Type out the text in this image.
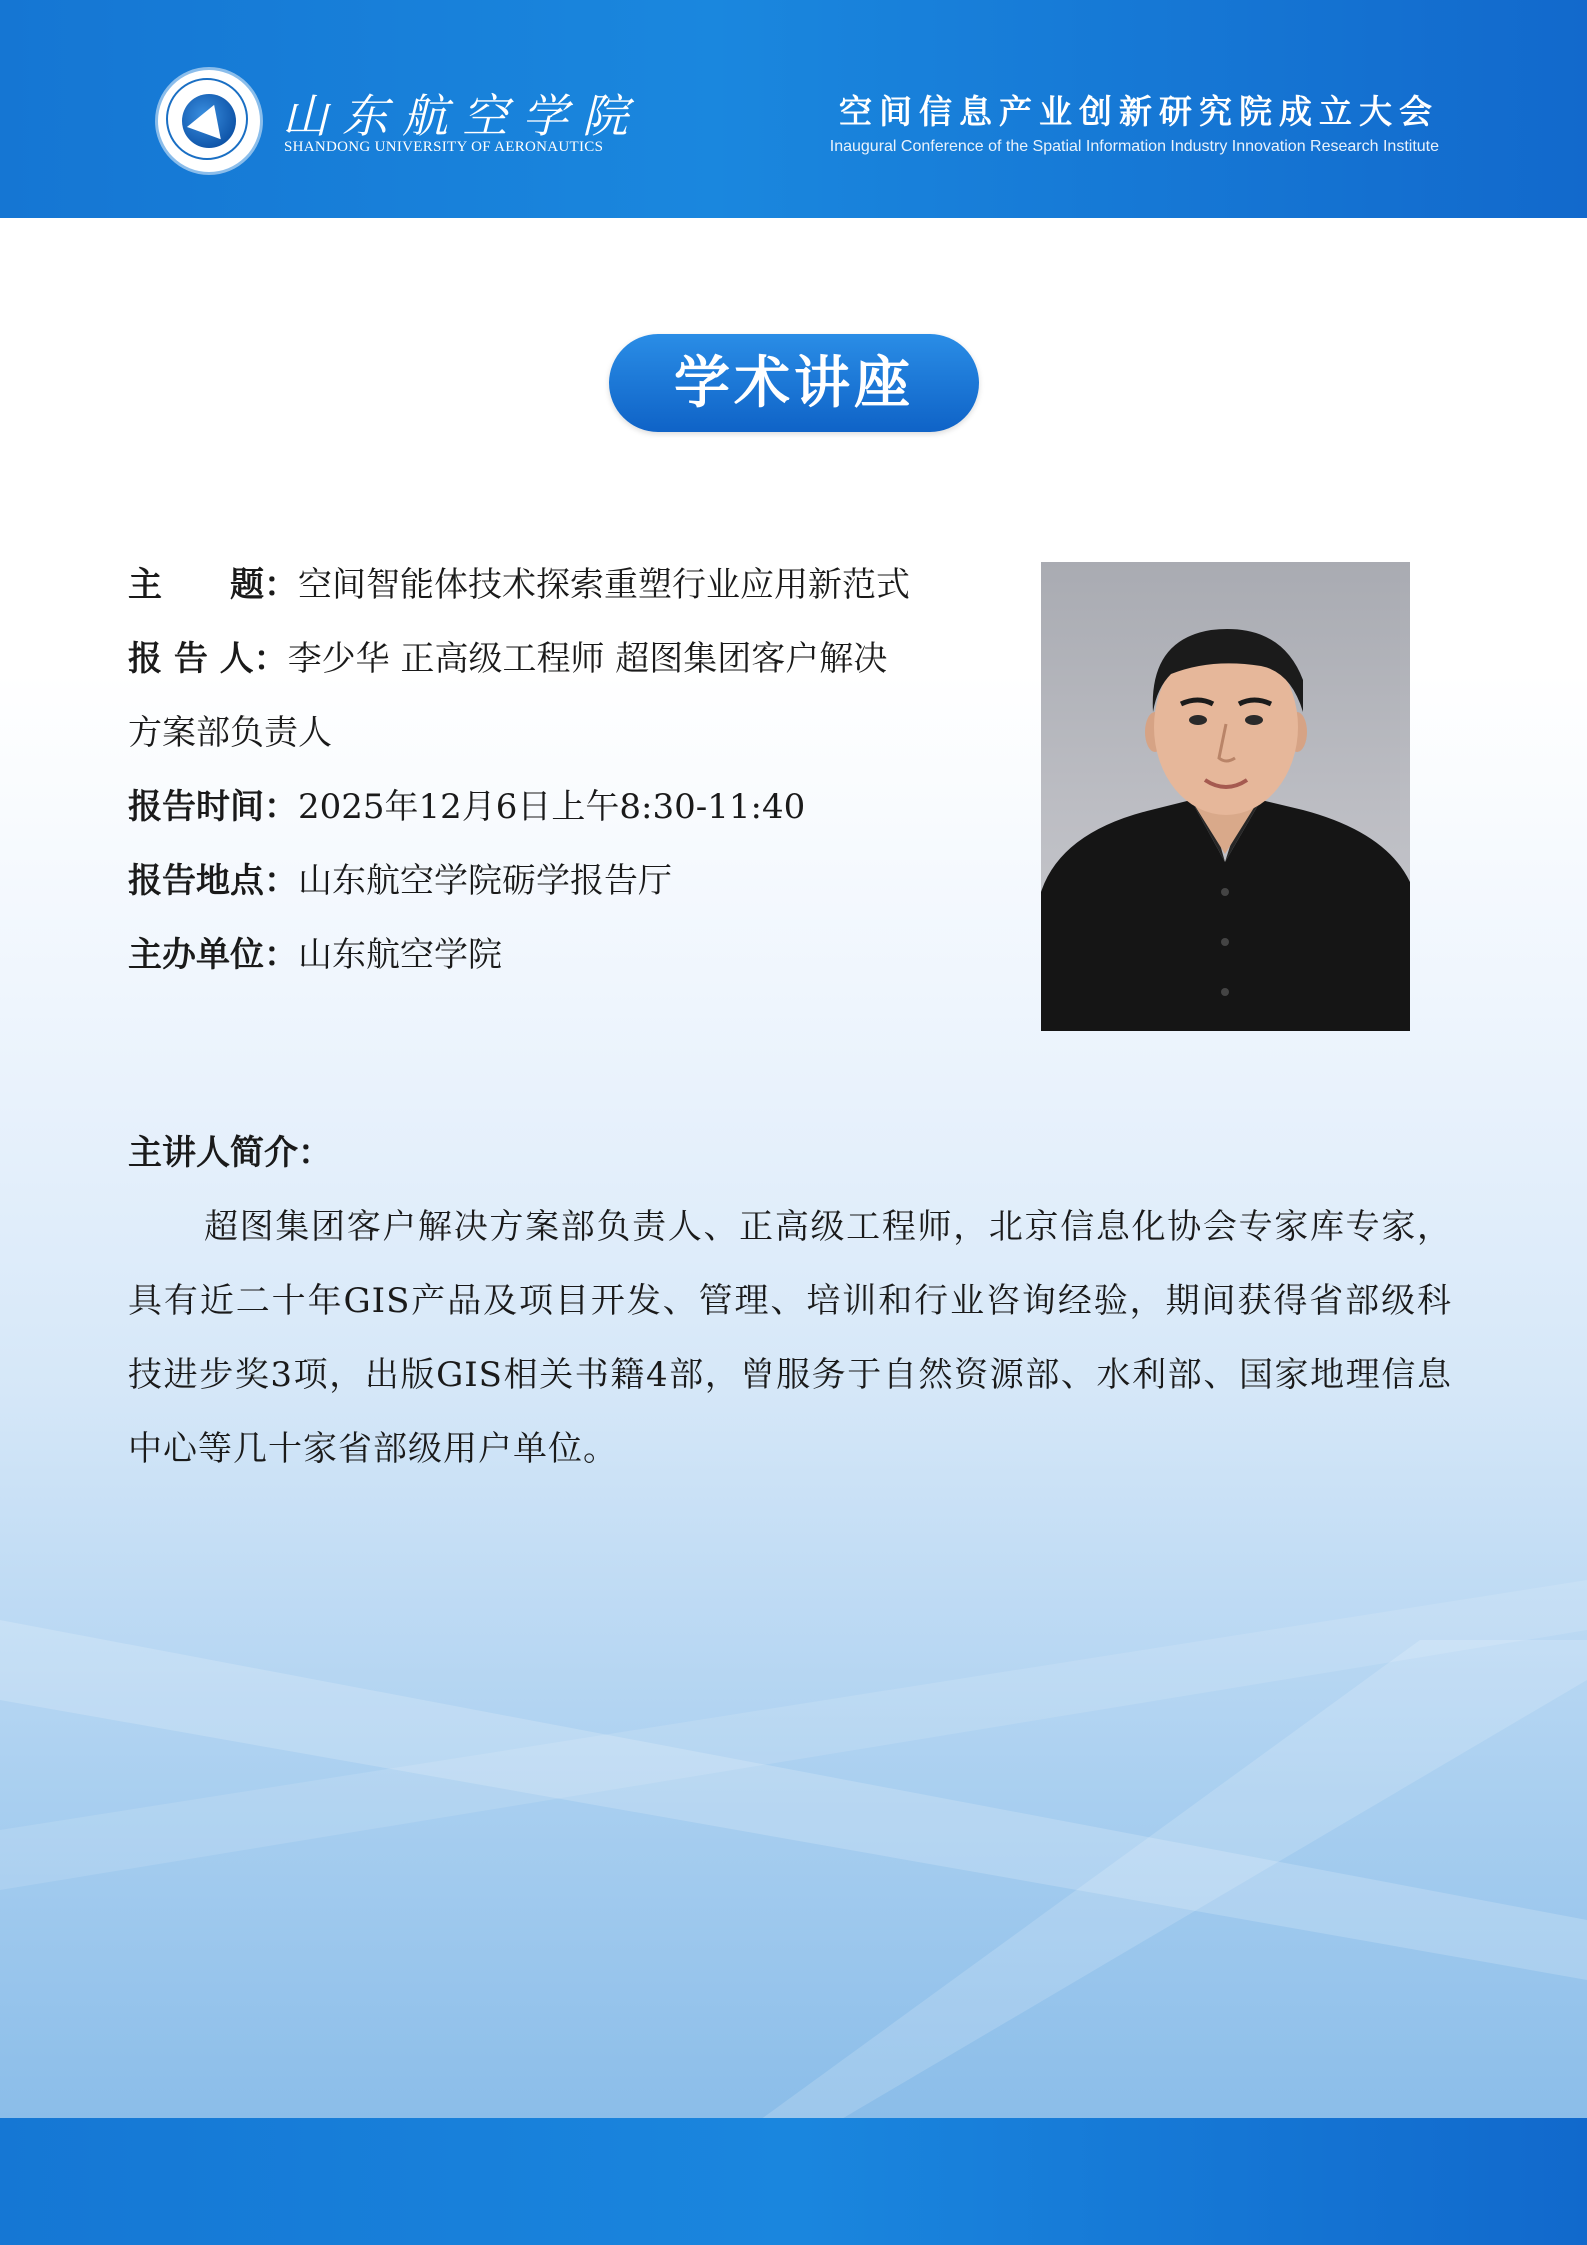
山东航空学院
SHANDONG UNIVERSITY OF AERONAUTICS
空间信息产业创新研究院成立大会
Inaugural Conference of the Spatial Information Industry Innovation Research Institute
学术讲座
主　　题：空间智能体技术探索重塑行业应用新范式
报 告 人：李少华 正高级工程师 超图集团客户解决
方案部负责人
报告时间：2025年12月6日上午8:30-11:40
报告地点：山东航空学院砺学报告厅
主办单位：山东航空学院
主讲人简介：
超图集团客户解决方案部负责人、正高级工程师，北京信息化协会专家库专家，具有近二十年GIS产品及项目开发、管理、培训和行业咨询经验，期间获得省部级科技进步奖3项，出版GIS相关书籍4部，曾服务于自然资源部、水利部、国家地理信息中心等几十家省部级用户单位。
